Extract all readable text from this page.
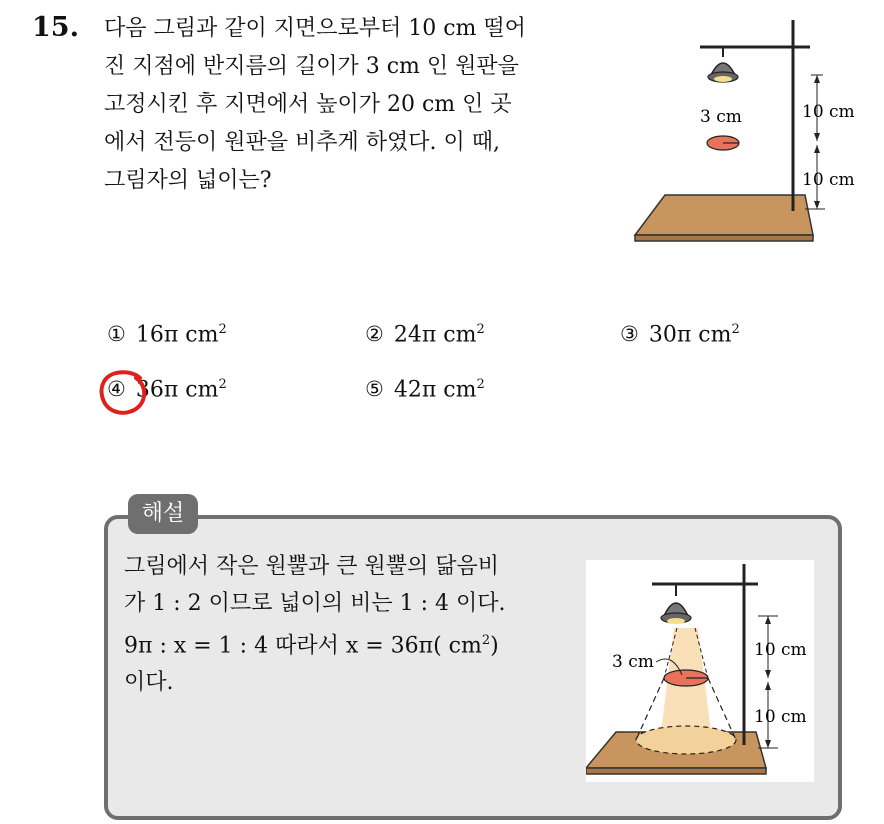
15. 다음 그림과 같이 지면으로부터 10 cm 떨어
진 지점에 반지름의 길이가 3 cm 인 원판을
고정시킨 후 지면에서 높이가 20 cm 인 곳
에서 전등이 원판을 비추게 하였다. 이 때,
그림자의 넓이는?
3 cm	10 cm
10 cm
① 16π $cm^2$	② 24π $cm^2$	③ 30π $cm^2$
④ 36π $cm^2$	⑤ 42π $cm^2$
해설
그림에서 작은 원뿔과 큰 원뿔의 닮음비
가 1 : 2 이므로 넓이의 비는 1 : 4 이다.
9π : x = 1 : 4 따라서 x = 36π( $cm^2$)
이다.
3 cm
10 cm
10 cm
